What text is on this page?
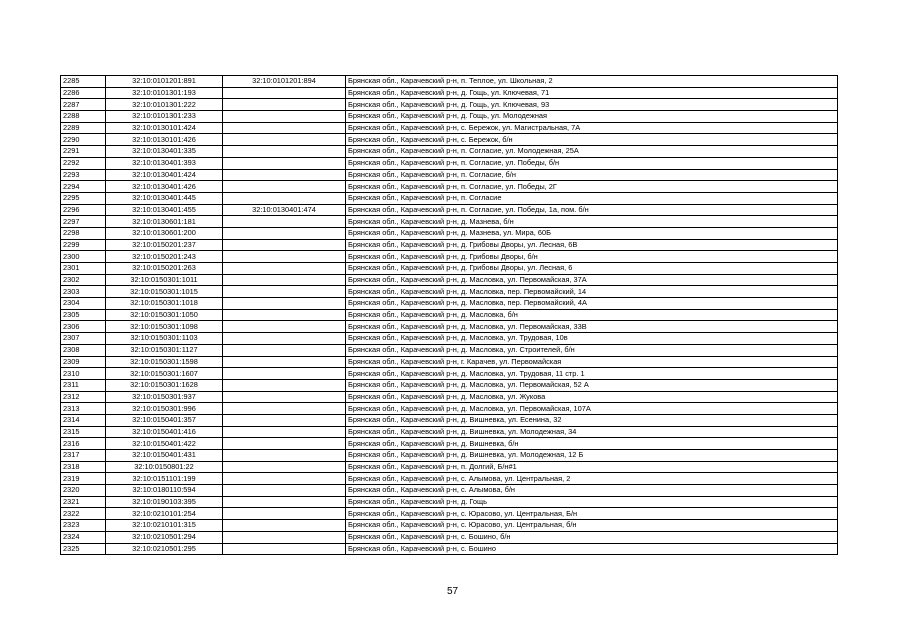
2285	32:10:0101201:891	32:10:0101201:894	Брянская обл., Карачевский р-н, п. Теплое, ул. Школьная, 2
2286	32:10:0101301:193		Брянская обл., Карачевский р-н, д. Гощь, ул. Ключевая, 71
2287	32:10:0101301:222		Брянская обл., Карачевский р-н, д. Гощь, ул. Ключевая, 93
2288	32:10:0101301:233		Брянская обл., Карачевский р-н, д. Гощь, ул. Молодежная
2289	32:10:0130101:424		Брянская обл., Карачевский р-н, с. Бережок, ул. Магистральная, 7А
2290	32:10:0130101:426		Брянская обл., Карачевский р-н, с. Бережок, б/н
2291	32:10:0130401:335		Брянская обл., Карачевский р-н, п. Согласие, ул. Молодежная, 25А
2292	32:10:0130401:393		Брянская обл., Карачевский р-н, п. Согласие, ул. Победы, б/н
2293	32:10:0130401:424		Брянская обл., Карачевский р-н, п. Согласие, б/н
2294	32:10:0130401:426		Брянская обл., Карачевский р-н, п. Согласие, ул. Победы, 2Г
2295	32:10:0130401:445		Брянская обл., Карачевский р-н, п. Согласие
2296	32:10:0130401:455	32:10:0130401:474	Брянская обл., Карачевский р-н, п. Согласие, ул. Победы, 1а, пом. б/н
2297	32:10:0130601:181		Брянская обл., Карачевский р-н, д. Мазнева, б/н
2298	32:10:0130601:200		Брянская обл., Карачевский р-н, д. Мазнева, ул. Мира, 60Б
2299	32:10:0150201:237		Брянская обл., Карачевский р-н, д. Грибовы Дворы, ул. Лесная, 6В
2300	32:10:0150201:243		Брянская обл., Карачевский р-н, д. Грибовы Дворы, б/н
2301	32:10:0150201:263		Брянская обл., Карачевский р-н, д. Грибовы Дворы, ул. Лесная, 6
2302	32:10:0150301:1011		Брянская обл., Карачевский р-н, д. Масловка, ул. Первомайская, 37А
2303	32:10:0150301:1015		Брянская обл., Карачевский р-н, д. Масловка, пер. Первомайский, 14
2304	32:10:0150301:1018		Брянская обл., Карачевский р-н, д. Масловка, пер. Первомайский, 4А
2305	32:10:0150301:1050		Брянская обл., Карачевский р-н, д. Масловка, б/н
2306	32:10:0150301:1098		Брянская обл., Карачевский р-н, д. Масловка, ул. Первомайская, 33В
2307	32:10:0150301:1103		Брянская обл., Карачевский р-н, д. Масловка, ул. Трудовая, 10в
2308	32:10:0150301:1127		Брянская обл., Карачевский р-н, д. Масловка, ул. Строителей, б/н
2309	32:10:0150301:1598		Брянская обл., Карачевский р-н, г. Карачев, ул. Первомайская
2310	32:10:0150301:1607		Брянская обл., Карачевский р-н, д. Масловка, ул. Трудовая, 11 стр. 1
2311	32:10:0150301:1628		Брянская обл., Карачевский р-н, д. Масловка, ул. Первомайская, 52 А
2312	32:10:0150301:937		Брянская обл., Карачевский р-н, д. Масловка, ул. Жукова
2313	32:10:0150301:996		Брянская обл., Карачевский р-н, д. Масловка, ул. Первомайская, 107А
2314	32:10:0150401:357		Брянская обл., Карачевский р-н, д. Вишневка, ул. Есенина, 32
2315	32:10:0150401:416		Брянская обл., Карачевский р-н, д. Вишневка, ул. Молодежная, 34
2316	32:10:0150401:422		Брянская обл., Карачевский р-н, д. Вишневка, б/н
2317	32:10:0150401:431		Брянская обл., Карачевский р-н, д. Вишневка, ул. Молодежная, 12 Б
2318	32:10:0150801:22		Брянская обл., Карачевский р-н, п. Долгий, Б/н#1
2319	32:10:0151101:199		Брянская обл., Карачевский р-н, с. Алымова, ул. Центральная, 2
2320	32:10:0180110:594		Брянская обл., Карачевский р-н, с. Алымова, б/н
2321	32:10:0190103:395		Брянская обл., Карачевский р-н, д. Гощь
2322	32:10:0210101:254		Брянская обл., Карачевский р-н, с. Юрасово, ул. Центральная, Б/н
2323	32:10:0210101:315		Брянская обл., Карачевский р-н, с. Юрасово, ул. Центральная, б/н
2324	32:10:0210501:294		Брянская обл., Карачевский р-н, с. Бошино, б/н
2325	32:10:0210501:295		Брянская обл., Карачевский р-н, с. Бошино
57
